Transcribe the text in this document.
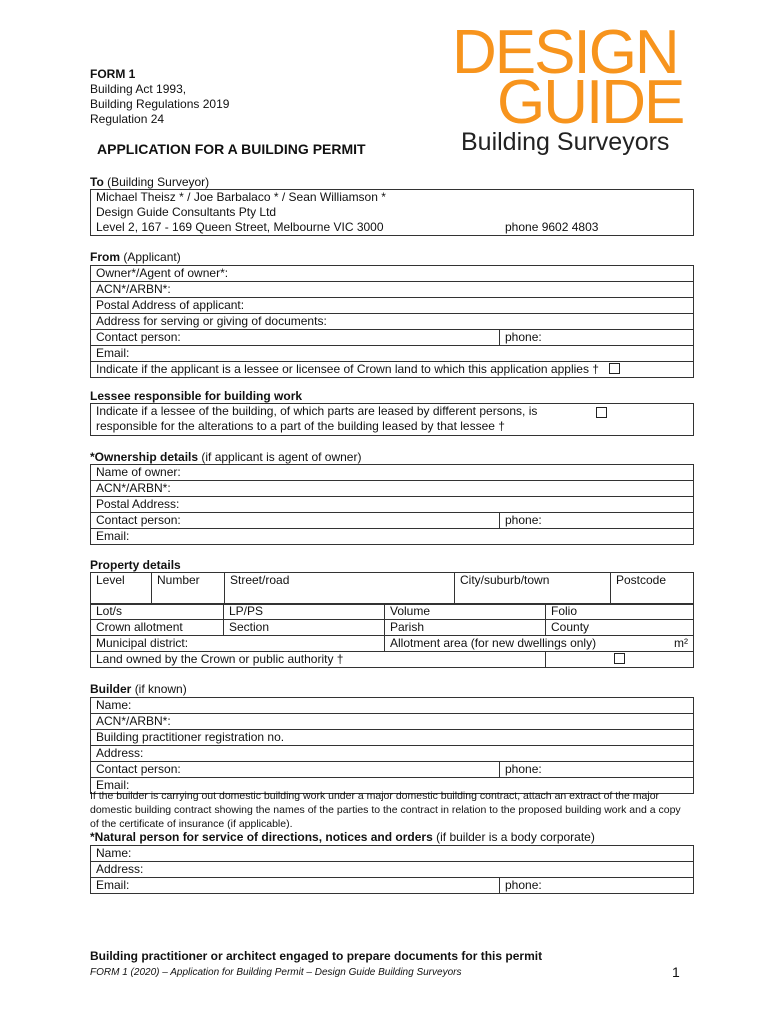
FORM 1
Building Act 1993,
Building Regulations 2019
Regulation 24
APPLICATION FOR A BUILDING PERMIT
DESIGN
GUIDE
Building Surveyors
To (Building Surveyor)
Michael Theisz * / Joe Barbalaco * / Sean Williamson *
Design Guide Consultants Pty Ltd
Level 2, 167 - 169 Queen Street, Melbourne VIC 3000	phone 9602 4803
From (Applicant)
Owner*/Agent of owner*:
ACN*/ARBN*:
Postal Address of applicant:
Address for serving or giving of documents:
Contact person:	phone:
Email:
Indicate if the applicant is a lessee or licensee of Crown land to which this application applies †
Lessee responsible for building work
Indicate if a lessee of the building, of which parts are leased by different persons, is
responsible for the alterations to a part of the building leased by that lessee †
*Ownership details (if applicant is agent of owner)
Name of owner:
ACN*/ARBN*:
Postal Address:
Contact person:	phone:
Email:
Property details
Level	Number	Street/road	City/suburb/town	Postcode
Lot/s	LP/PS	Volume	Folio
Crown allotment	Section	Parish	County
Municipal district:		Allotment area (for new dwellings only) m²	

Land owned by the Crown or public authority †			
Builder (if known)
Name:
ACN*/ARBN*:
Building practitioner registration no.
Address:
Contact person:	phone:
Email:
If the builder is carrying out domestic building work under a major domestic building contract, attach an extract of the major domestic building contract showing the names of the parties to the contract in relation to the proposed building work and a copy of the certificate of insurance (if applicable).
*Natural person for service of directions, notices and orders (if builder is a body corporate)
Name:
Address:
Email:	phone:
Building practitioner or architect engaged to prepare documents for this permit
FORM 1 (2020) – Application for Building Permit – Design Guide Building Surveyors	1
